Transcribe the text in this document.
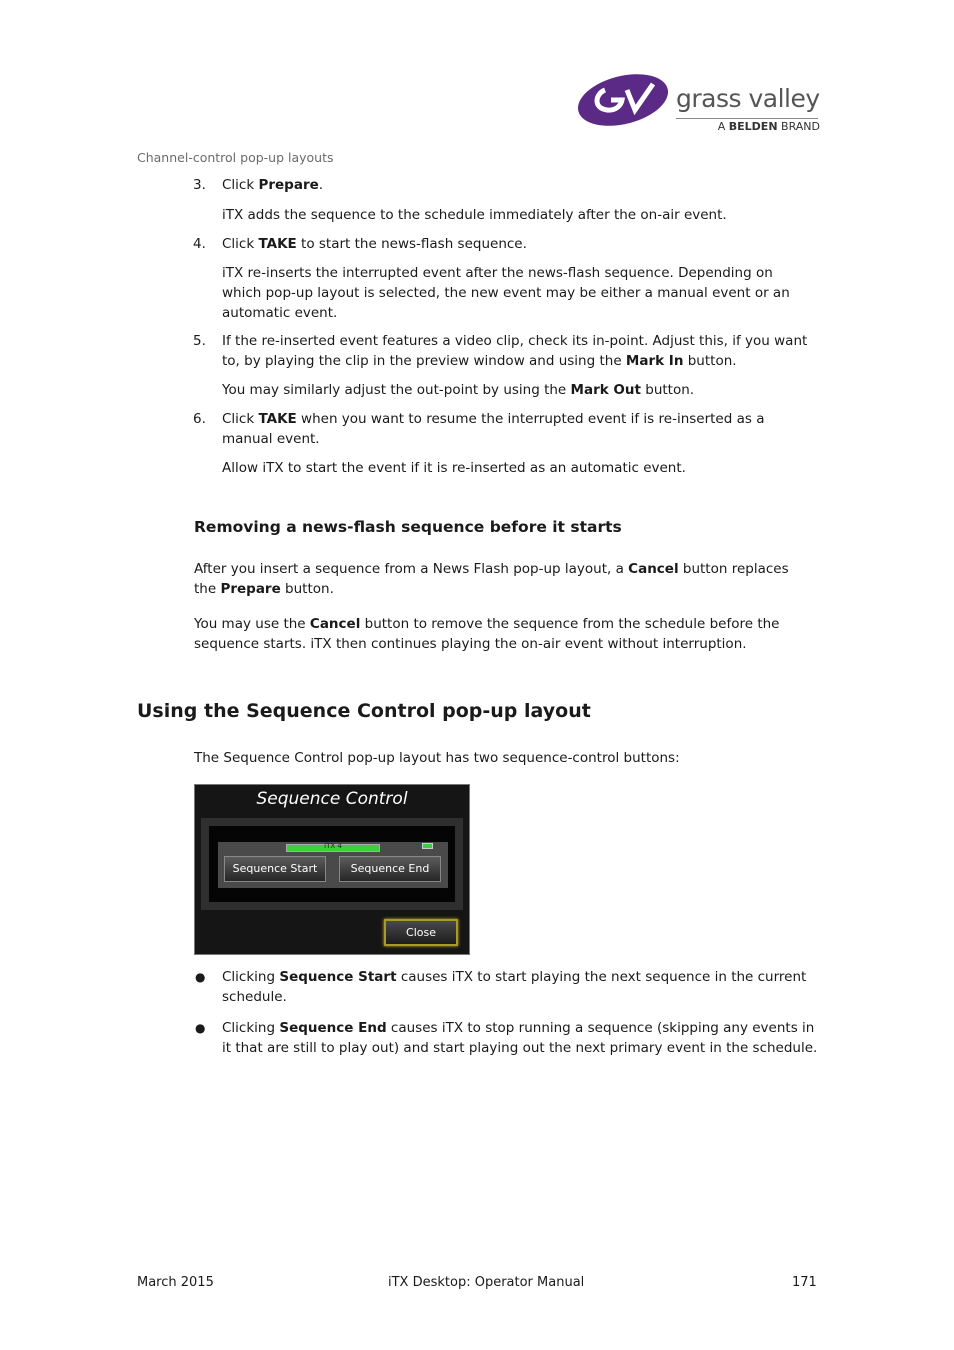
grass valley
A BELDEN BRAND
Channel-control pop-up layouts
3. Click Prepare.

iTX adds the sequence to the schedule immediately after the on-air event.

4. Click TAKE to start the news-flash sequence.

iTX re-inserts the interrupted event after the news-flash sequence. Depending on which pop-up layout is selected, the new event may be either a manual event or an automatic event.

5. If the re-inserted event features a video clip, check its in-point. Adjust this, if you want to, by playing the clip in the preview window and using the Mark In button.

You may similarly adjust the out-point by using the Mark Out button.

6. Click TAKE when you want to resume the interrupted event if is re-inserted as a manual event.

Allow iTX to start the event if it is re-inserted as an automatic event.

Removing a news-flash sequence before it starts

After you insert a sequence from a News Flash pop-up layout, a Cancel button replaces the Prepare button.

You may use the Cancel button to remove the sequence from the schedule before the sequence starts. iTX then continues playing the on-air event without interruption.

Using the Sequence Control pop-up layout

The Sequence Control pop-up layout has two sequence-control buttons:

Sequence Control
iTX 4
Sequence Start	Sequence End
Close
● Clicking Sequence Start causes iTX to start playing the next sequence in the current schedule.

● Clicking Sequence End causes iTX to stop running a sequence (skipping any events in it that are still to play out) and start playing out the next primary event in the schedule.

March 2015	iTX Desktop: Operator Manual	171
